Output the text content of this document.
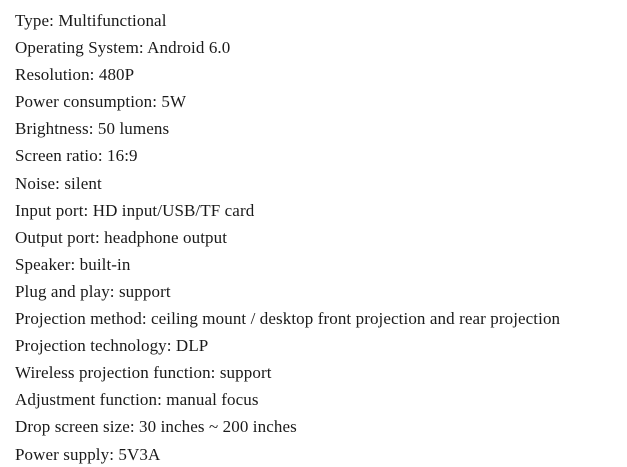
Type: Multifunctional

Operating System: Android 6.0

Resolution: 480P

Power consumption: 5W

Brightness: 50 lumens

Screen ratio: 16:9

Noise: silent

Input port: HD input/USB/TF card

Output port: headphone output

Speaker: built-in

Plug and play: support

Projection method: ceiling mount / desktop front projection and rear projection

Projection technology: DLP

Wireless projection function: support

Adjustment function: manual focus

Drop screen size: 30 inches ~ 200 inches

Power supply: 5V3A
